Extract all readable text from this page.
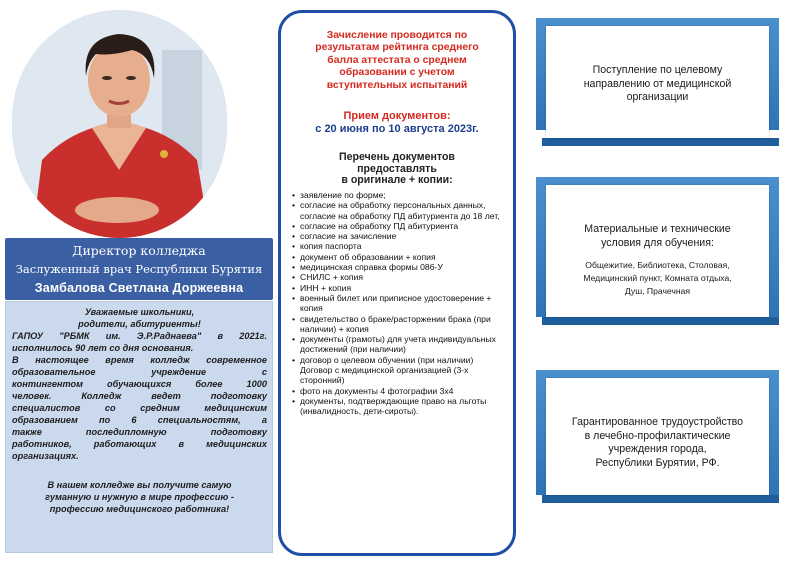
Директор колледжа
Заслуженный врач Республики Бурятия
Замбалова Светлана Доржеевна
Уважаемые школьники,
родители, абитуриенты!
ГАПОУ "РБМК им. Э.Р.Раднаева" в 2021г.
исполнилось 90 лет со дня основания.
В настоящее время колледж современное
образовательное учреждение с
контингентом обучающихся более 1000
человек. Колледж ведет подготовку
специалистов со средним медицинским
образованием по 6 специальностям, а
также последипломную подготовку
работников, работающих в медицинских
организациях.
В нашем колледже вы получите самую
гуманную и нужную в мире профессию -
профессию медицинского работника!
Зачисление проводится по
результатам рейтинга среднего
балла аттестата о среднем
образовании с учетом
вступительных испытаний
Прием документов:
с 20 июня по 10 августа 2023г.
Перечень документов
предоставлять
в оригинале + копии:
• заявление по форме;
• согласие на обработку персональных данных, согласие на обработку ПД абитуриента до 18 лет,
• согласие на обработку ПД абитуриента
• согласие на зачисление
• копия паспорта
• документ об образовании + копия
• медицинская справка формы 086-У
• СНИЛС + копия
• ИНН + копия
• военный билет или приписное удостоверение + копия
• свидетельство о браке/расторжении брака (при наличии) + копия
• документы (грамоты) для учета индивидуальных достижений (при наличии)
• договор о целевом обучении (при наличии) Договор с медицинской организацией (3-х сторонний)
• фото на документы 4 фотографии 3х4
• документы, подтверждающие право на льготы (инвалидность, дети-сироты).
Поступление по целевому
направлению от медицинской
организации
Материальные и технические
условия для обучения:
Общежитие, Библиотека, Столовая,
Медицинский пункт, Комната отдыха,
Душ, Прачечная
Гарантированное трудоустройство
в лечебно-профилактические
учреждения города,
Республики Бурятии, РФ.
